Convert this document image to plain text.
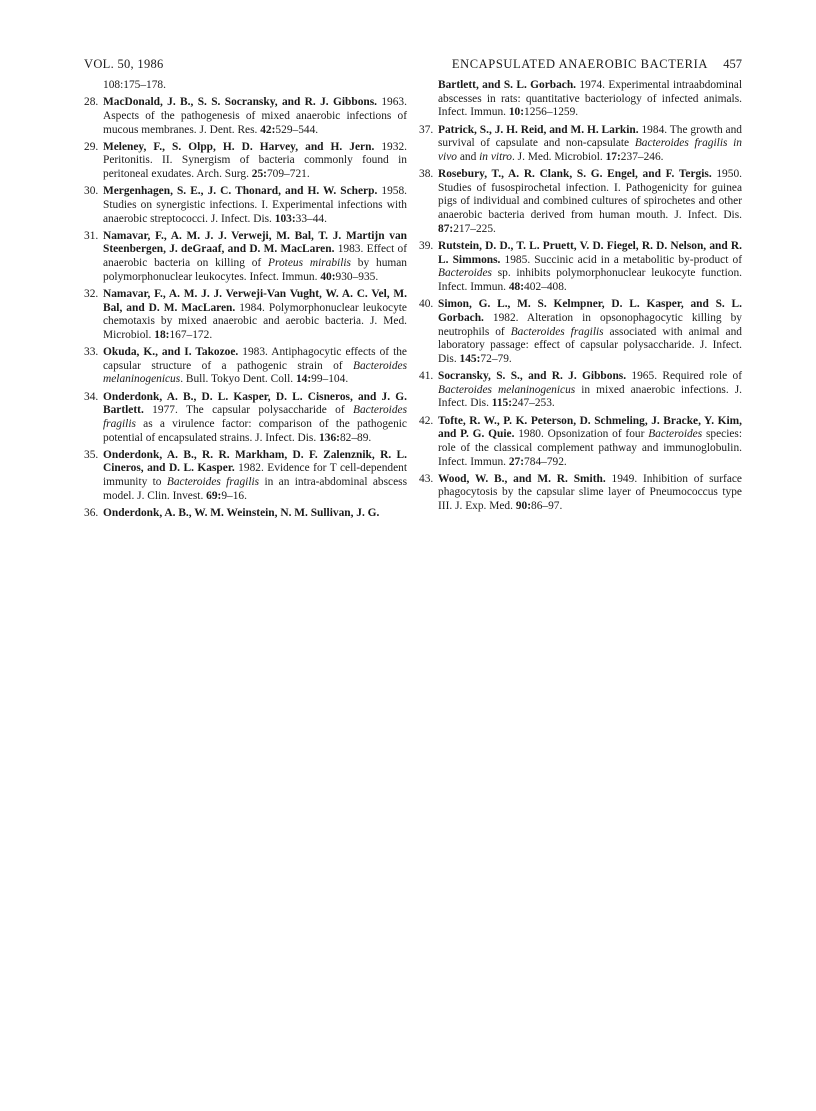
VOL. 50, 1986	ENCAPSULATED ANAEROBIC BACTERIA 457

108:175–178.

28. MacDonald, J. B., S. S. Socransky, and R. J. Gibbons. 1963. Aspects of the pathogenesis of mixed anaerobic infections of mucous membranes. J. Dent. Res. 42:529–544.

29. Meleney, F., S. Olpp, H. D. Harvey, and H. Jern. 1932. Peritonitis. II. Synergism of bacteria commonly found in peritoneal exudates. Arch. Surg. 25:709–721.

30. Mergenhagen, S. E., J. C. Thonard, and H. W. Scherp. 1958. Studies on synergistic infections. I. Experimental infections with anaerobic streptococci. J. Infect. Dis. 103:33–44.

31. Namavar, F., A. M. J. J. Verweji, M. Bal, T. J. Martijn van Steenbergen, J. deGraaf, and D. M. MacLaren. 1983. Effect of anaerobic bacteria on killing of Proteus mirabilis by human polymorphonuclear leukocytes. Infect. Immun. 40:930–935.

32. Namavar, F., A. M. J. J. Verweji-Van Vught, W. A. C. Vel, M. Bal, and D. M. MacLaren. 1984. Polymorphonuclear leukocyte chemotaxis by mixed anaerobic and aerobic bacteria. J. Med. Microbiol. 18:167–172.

33. Okuda, K., and I. Takozoe. 1983. Antiphagocytic effects of the capsular structure of a pathogenic strain of Bacteroides melaninogenicus. Bull. Tokyo Dent. Coll. 14:99–104.

34. Onderdonk, A. B., D. L. Kasper, D. L. Cisneros, and J. G. Bartlett. 1977. The capsular polysaccharide of Bacteroides fragilis as a virulence factor: comparison of the pathogenic potential of encapsulated strains. J. Infect. Dis. 136:82–89.

35. Onderdonk, A. B., R. R. Markham, D. F. Zalenznik, R. L. Cineros, and D. L. Kasper. 1982. Evidence for T cell-dependent immunity to Bacteroides fragilis in an intra-abdominal abscess model. J. Clin. Invest. 69:9–16.

36. Onderdonk, A. B., W. M. Weinstein, N. M. Sullivan, J. G.

Bartlett, and S. L. Gorbach. 1974. Experimental intraabdominal abscesses in rats: quantitative bacteriology of infected animals. Infect. Immun. 10:1256–1259.

37. Patrick, S., J. H. Reid, and M. H. Larkin. 1984. The growth and survival of capsulate and non-capsulate Bacteroides fragilis in vivo and in vitro. J. Med. Microbiol. 17:237–246.

38. Rosebury, T., A. R. Clank, S. G. Engel, and F. Tergis. 1950. Studies of fusospirochetal infection. I. Pathogenicity for guinea pigs of individual and combined cultures of spirochetes and other anaerobic bacteria derived from human mouth. J. Infect. Dis. 87:217–225.

39. Rutstein, D. D., T. L. Pruett, V. D. Fiegel, R. D. Nelson, and R. L. Simmons. 1985. Succinic acid in a metabolitic by-product of Bacteroides sp. inhibits polymorphonuclear leukocyte function. Infect. Immun. 48:402–408.

40. Simon, G. L., M. S. Kelmpner, D. L. Kasper, and S. L. Gorbach. 1982. Alteration in opsonophagocytic killing by neutrophils of Bacteroides fragilis associated with animal and laboratory passage: effect of capsular polysaccharide. J. Infect. Dis. 145:72–79.

41. Socransky, S. S., and R. J. Gibbons. 1965. Required role of Bacteroides melaninogenicus in mixed anaerobic infections. J. Infect. Dis. 115:247–253.

42. Tofte, R. W., P. K. Peterson, D. Schmeling, J. Bracke, Y. Kim, and P. G. Quie. 1980. Opsonization of four Bacteroides species: role of the classical complement pathway and immunoglobulin. Infect. Immun. 27:784–792.

43. Wood, W. B., and M. R. Smith. 1949. Inhibition of surface phagocytosis by the capsular slime layer of Pneumococcus type III. J. Exp. Med. 90:86–97.
